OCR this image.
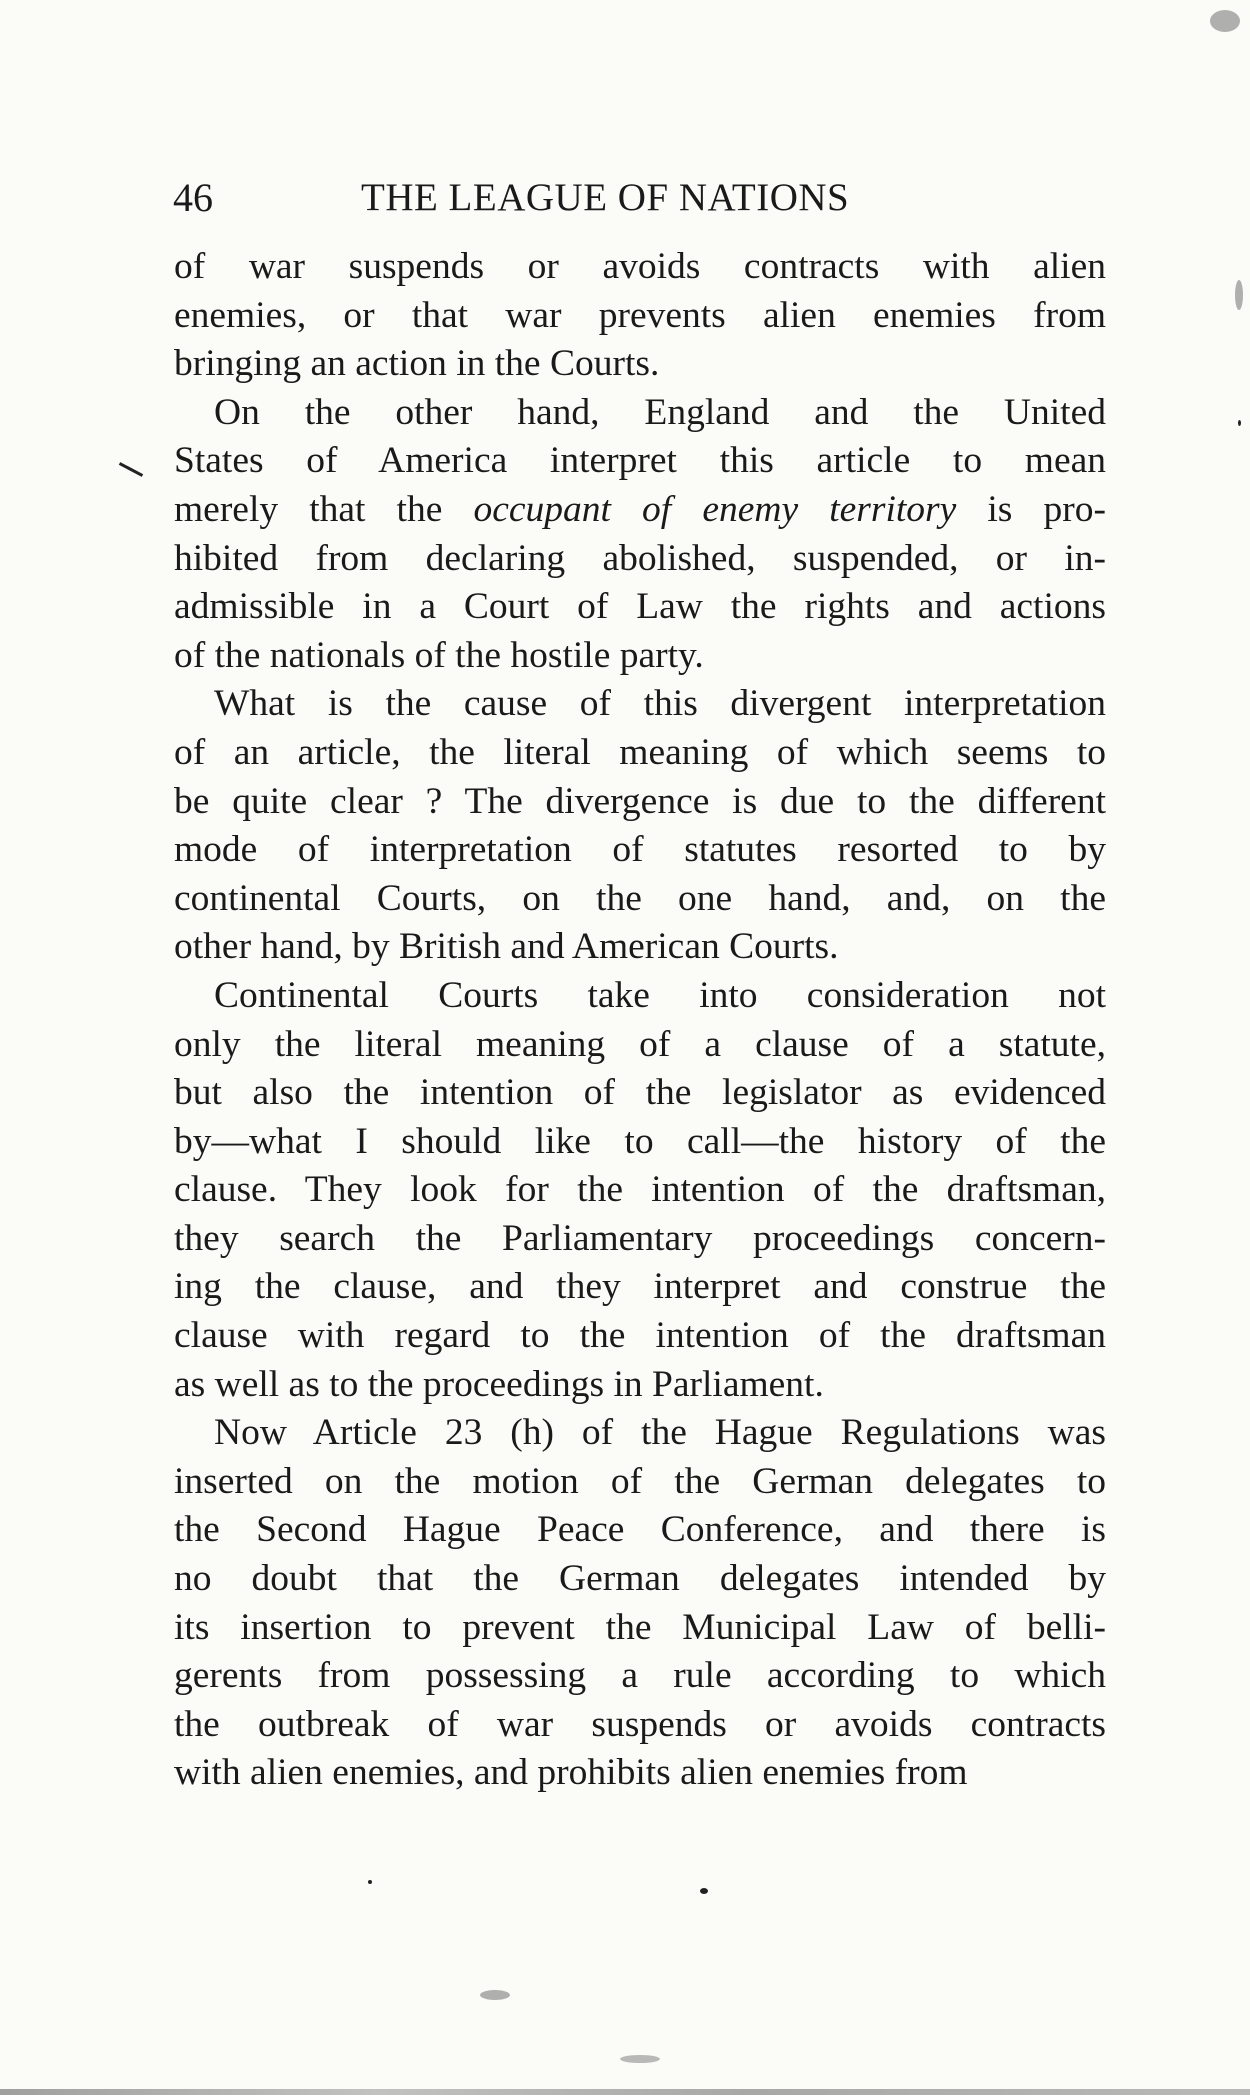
46	THE LEAGUE OF NATIONS
of war suspends or avoids contracts with alien
enemies, or that war prevents alien enemies from
bringing an action in the Courts.
On the other hand, England and the United
States of America interpret this article to mean
merely that the occupant of enemy territory is pro-
hibited from declaring abolished, suspended, or in-
admissible in a Court of Law the rights and actions
of the nationals of the hostile party.
What is the cause of this divergent interpretation
of an article, the literal meaning of which seems to
be quite clear ? The divergence is due to the different
mode of interpretation of statutes resorted to by
continental Courts, on the one hand, and, on the
other hand, by British and American Courts.
Continental Courts take into consideration not
only the literal meaning of a clause of a statute,
but also the intention of the legislator as evidenced
by—what I should like to call—the history of the
clause. They look for the intention of the draftsman,
they search the Parliamentary proceedings concern-
ing the clause, and they interpret and construe the
clause with regard to the intention of the draftsman
as well as to the proceedings in Parliament.
Now Article 23 (h) of the Hague Regulations was
inserted on the motion of the German delegates to
the Second Hague Peace Conference, and there is
no doubt that the German delegates intended by
its insertion to prevent the Municipal Law of belli-
gerents from possessing a rule according to which
the outbreak of war suspends or avoids contracts
with alien enemies, and prohibits alien enemies from
